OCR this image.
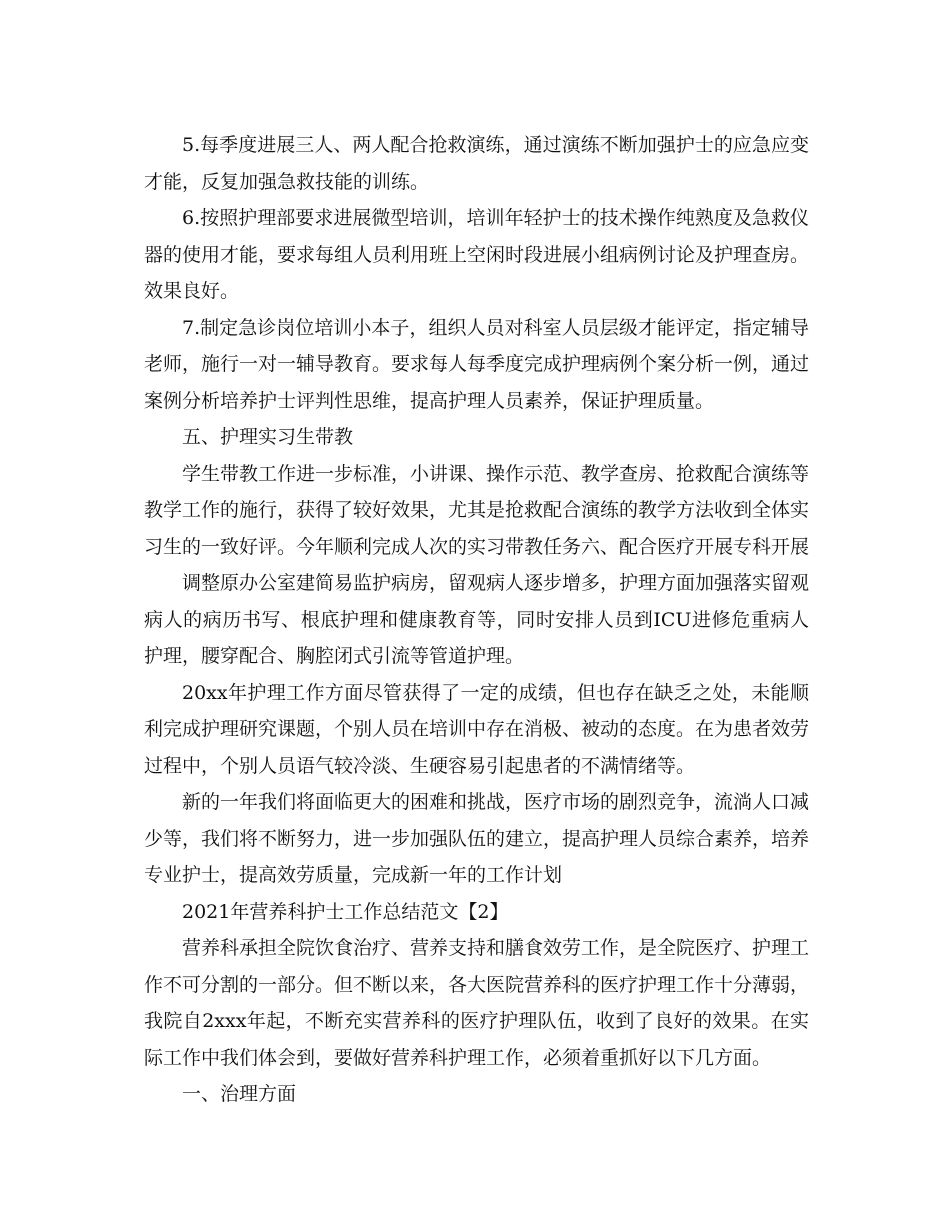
5.每季度进展三人、两人配合抢救演练，通过演练不断加强护士的应急应变才能，反复加强急救技能的训练。

6.按照护理部要求进展微型培训，培训年轻护士的技术操作纯熟度及急救仪器的使用才能，要求每组人员利用班上空闲时段进展小组病例讨论及护理查房。效果良好。

7.制定急诊岗位培训小本子，组织人员对科室人员层级才能评定，指定辅导老师，施行一对一辅导教育。要求每人每季度完成护理病例个案分析一例，通过案例分析培养护士评判性思维，提高护理人员素养，保证护理质量。

五、护理实习生带教

学生带教工作进一步标准，小讲课、操作示范、教学查房、抢救配合演练等教学工作的施行，获得了较好效果，尤其是抢救配合演练的教学方法收到全体实习生的一致好评。今年顺利完成人次的实习带教任务六、配合医疗开展专科开展

调整原办公室建简易监护病房，留观病人逐步增多，护理方面加强落实留观病人的病历书写、根底护理和健康教育等，同时安排人员到ICU进修危重病人护理，腰穿配合、胸腔闭式引流等管道护理。

20xx年护理工作方面尽管获得了一定的成绩，但也存在缺乏之处，未能顺利完成护理研究课题，个别人员在培训中存在消极、被动的态度。在为患者效劳过程中，个别人员语气较冷淡、生硬容易引起患者的不满情绪等。

新的一年我们将面临更大的困难和挑战，医疗市场的剧烈竞争，流淌人口减少等，我们将不断努力，进一步加强队伍的建立，提高护理人员综合素养，培养专业护士，提高效劳质量，完成新一年的工作计划

2021年营养科护士工作总结范文【2】

营养科承担全院饮食治疗、营养支持和膳食效劳工作，是全院医疗、护理工作不可分割的一部分。但不断以来，各大医院营养科的医疗护理工作十分薄弱，我院自2xxx年起，不断充实营养科的医疗护理队伍，收到了良好的效果。在实际工作中我们体会到，要做好营养科护理工作，必须着重抓好以下几方面。

一、治理方面
